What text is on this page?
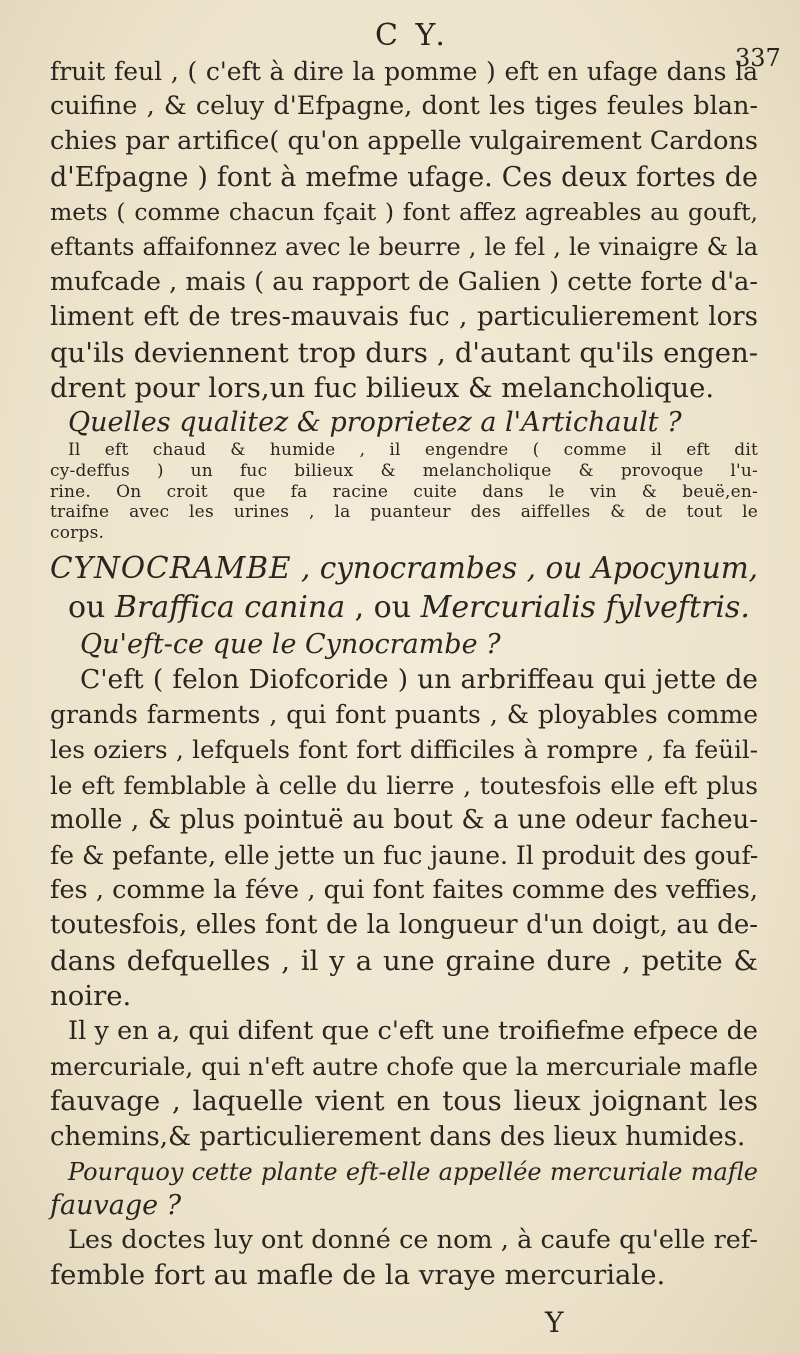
C Y.
337
fruit feul , ( c'eft à dire la pomme ) eft en ufage dans la
cuifine , & celuy d'Efpagne, dont les tiges feules blan-
chies par artifice( qu'on appelle vulgairement Cardons
d'Efpagne ) font à mefme ufage. Ces deux fortes de
mets ( comme chacun fçait ) font affez agreables au gouft,
eftants affaifonnez avec le beurre , le fel , le vinaigre & la
mufcade , mais ( au rapport de Galien ) cette forte d'a-
liment eft de tres-mauvais fuc , particulierement lors
qu'ils deviennent trop durs , d'autant qu'ils engen-
drent pour lors,un fuc bilieux & melancholique.
Quelles qualitez & proprietez a l'Artichault ?
Il eft chaud & humide , il engendre ( comme il eft dit
cy-deffus ) un fuc bilieux & melancholique & provoque l'u-
rine. On croit que fa racine cuite dans le vin & beuë,en-
traifne avec les urines , la puanteur des aiffelles & de tout le
corps.
CYNOCRAMBE , cynocrambes , ou Apocynum,
ou Braffica canina , ou Mercurialis fylveftris.
Qu'eft-ce que le Cynocrambe ?
C'eft ( felon Diofcoride ) un arbriffeau qui jette de
grands farments , qui font puants , & ployables comme
les oziers , lefquels font fort difficiles à rompre , fa feüil-
le eft femblable à celle du lierre , toutesfois elle eft plus
molle , & plus pointuë au bout & a une odeur facheu-
fe & pefante, elle jette un fuc jaune. Il produit des gouf-
fes , comme la féve , qui font faites comme des veffies,
toutesfois, elles font de la longueur d'un doigt, au de-
dans defquelles , il y a une graine dure , petite &
noire.
Il y en a, qui difent que c'eft une troifiefme efpece de
mercuriale, qui n'eft autre chofe que la mercuriale mafle
fauvage , laquelle vient en tous lieux joignant les
chemins,& particulierement dans des lieux humides.
Pourquoy cette plante eft-elle appellée mercuriale mafle
fauvage ?
Les doctes luy ont donné ce nom , à caufe qu'elle ref-
femble fort au mafle de la vraye mercuriale.
Y
